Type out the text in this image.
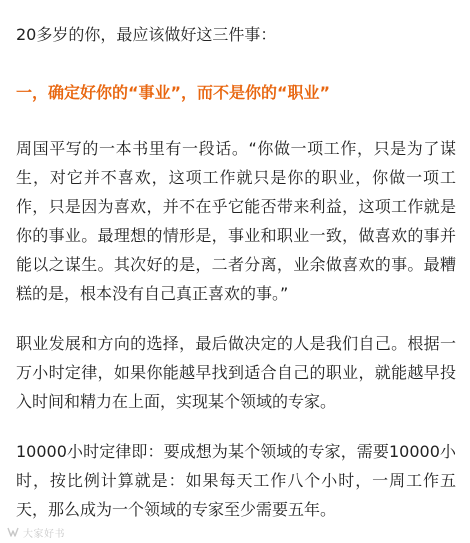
20多岁的你，最应该做好这三件事：

一，确定好你的“事业”，而不是你的“职业”

周国平写的一本书里有一段话。“你做一项工作，只是为了谋生，对它并不喜欢，这项工作就只是你的职业，你做一项工作，只是因为喜欢，并不在乎它能否带来利益，这项工作就是你的事业。最理想的情形是，事业和职业一致，做喜欢的事并能以之谋生。其次好的是，二者分离，业余做喜欢的事。最糟糕的是，根本没有自己真正喜欢的事。”

职业发展和方向的选择，最后做决定的人是我们自己。根据一万小时定律，如果你能越早找到适合自己的职业，就能越早投入时间和精力在上面，实现某个领域的专家。

10000小时定律即：要成想为某个领域的专家，需要10000小时，按比例计算就是：如果每天工作八个小时，一周工作五天，那么成为一个领域的专家至少需要五年。

大家好书
